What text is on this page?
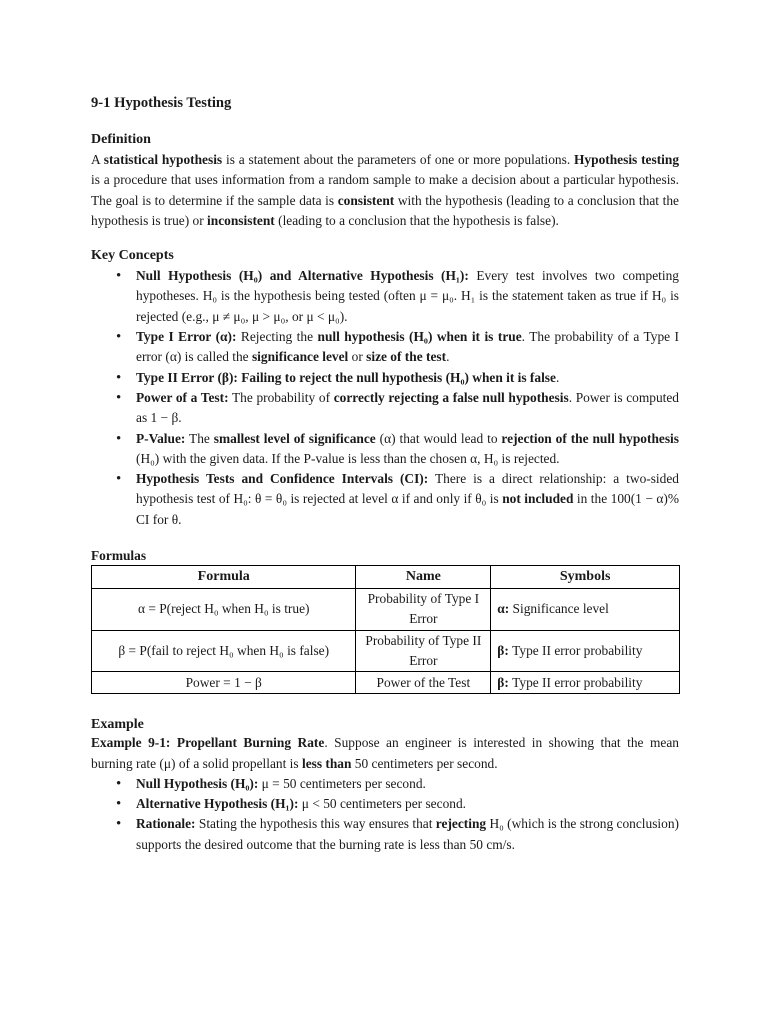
9-1 Hypothesis Testing
Definition

A statistical hypothesis is a statement about the parameters of one or more populations. Hypothesis testing is a procedure that uses information from a random sample to make a decision about a particular hypothesis. The goal is to determine if the sample data is consistent with the hypothesis (leading to a conclusion that the hypothesis is true) or inconsistent (leading to a conclusion that the hypothesis is false).

Key Concepts
• Null Hypothesis (H₀) and Alternative Hypothesis (H₁): Every test involves two competing hypotheses. H₀ is the hypothesis being tested (often μ = μ₀. H₁ is the statement taken as true if H₀ is rejected (e.g., μ ≠ μ₀, μ > μ₀, or μ < μ₀).
• Type I Error (α): Rejecting the null hypothesis (H₀) when it is true. The probability of a Type I error (α) is called the significance level or size of the test.
• Type II Error (β): Failing to reject the null hypothesis (H₀) when it is false.
• Power of a Test: The probability of correctly rejecting a false null hypothesis. Power is computed as 1 − β.
• P-Value: The smallest level of significance (α) that would lead to rejection of the null hypothesis (H₀) with the given data. If the P-value is less than the chosen α, H₀ is rejected.
• Hypothesis Tests and Confidence Intervals (CI): There is a direct relationship: a two-sided hypothesis test of H₀: θ = θ₀ is rejected at level α if and only if θ₀ is not included in the 100(1 − α)% CI for θ.
Formulas
Formula	Name	Symbols
α = P(reject H₀ when H₀ is true)	Probability of Type I Error	α: Significance level
β = P(fail to reject H₀ when H₀ is false)	Probability of Type II Error	β: Type II error probability
Power = 1 − β	Power of the Test	β: Type II error probability
Example

Example 9-1: Propellant Burning Rate. Suppose an engineer is interested in showing that the mean burning rate (μ) of a solid propellant is less than 50 centimeters per second.

• Null Hypothesis (H₀): μ = 50 centimeters per second.
• Alternative Hypothesis (H₁): μ < 50 centimeters per second.
• Rationale: Stating the hypothesis this way ensures that rejecting H₀ (which is the strong conclusion) supports the desired outcome that the burning rate is less than 50 cm/s.
